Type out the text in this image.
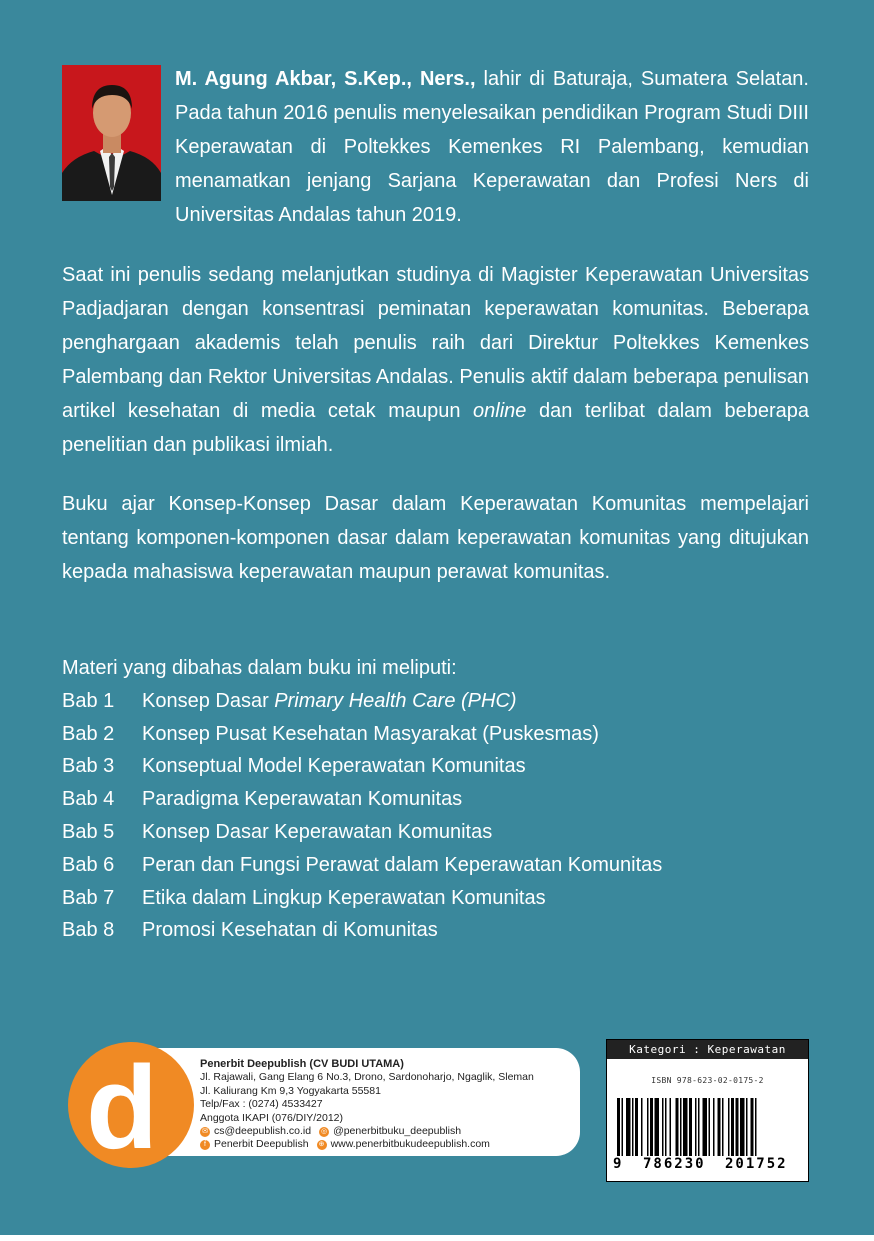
M. Agung Akbar, S.Kep., Ners., lahir di Baturaja, Sumatera Selatan. Pada tahun 2016 penulis menyelesaikan pendidikan Program Studi DIII Keperawatan di Poltekkes Kemenkes RI Palembang, kemudian menamatkan jenjang Sarjana Keperawatan dan Profesi Ners di Universitas Andalas tahun 2019.

Saat ini penulis sedang melanjutkan studinya di Magister Keperawatan Universitas Padjadjaran dengan konsentrasi peminatan keperawatan komunitas. Beberapa penghargaan akademis telah penulis raih dari Direktur Poltekkes Kemenkes Palembang dan Rektor Universitas Andalas. Penulis aktif dalam beberapa penulisan artikel kesehatan di media cetak maupun online dan terlibat dalam beberapa penelitian dan publikasi ilmiah.

Buku ajar Konsep-Konsep Dasar dalam Keperawatan Komunitas mempelajari tentang komponen-komponen dasar dalam keperawatan komunitas yang ditujukan kepada mahasiswa keperawatan maupun perawat komunitas.

Materi yang dibahas dalam buku ini meliputi:
Bab 1	Konsep Dasar Primary Health Care (PHC)
Bab 2	Konsep Pusat Kesehatan Masyarakat (Puskesmas)
Bab 3	Konseptual Model Keperawatan Komunitas
Bab 4	Paradigma Keperawatan Komunitas
Bab 5	Konsep Dasar Keperawatan Komunitas
Bab 6	Peran dan Fungsi Perawat dalam Keperawatan Komunitas
Bab 7	Etika dalam Lingkup Keperawatan Komunitas
Bab 8	Promosi Kesehatan di Komunitas
Penerbit Deepublish (CV BUDI UTAMA)
Jl. Rajawali, Gang Elang 6 No.3, Drono, Sardonoharjo, Ngaglik, Sleman
Jl. Kaliurang Km 9,3 Yogyakarta 55581
Telp/Fax : (0274) 4533427
Anggota IKAPI (076/DIY/2012)
✉ cs@deepublish.co.id ◎ @penerbitbuku_deepublish
f Penerbit Deepublish ⊕ www.penerbitbukudeepublish.com
d	Kategori : Keperawatan
ISBN 978-623-02-0175-2
9 786230 201752
